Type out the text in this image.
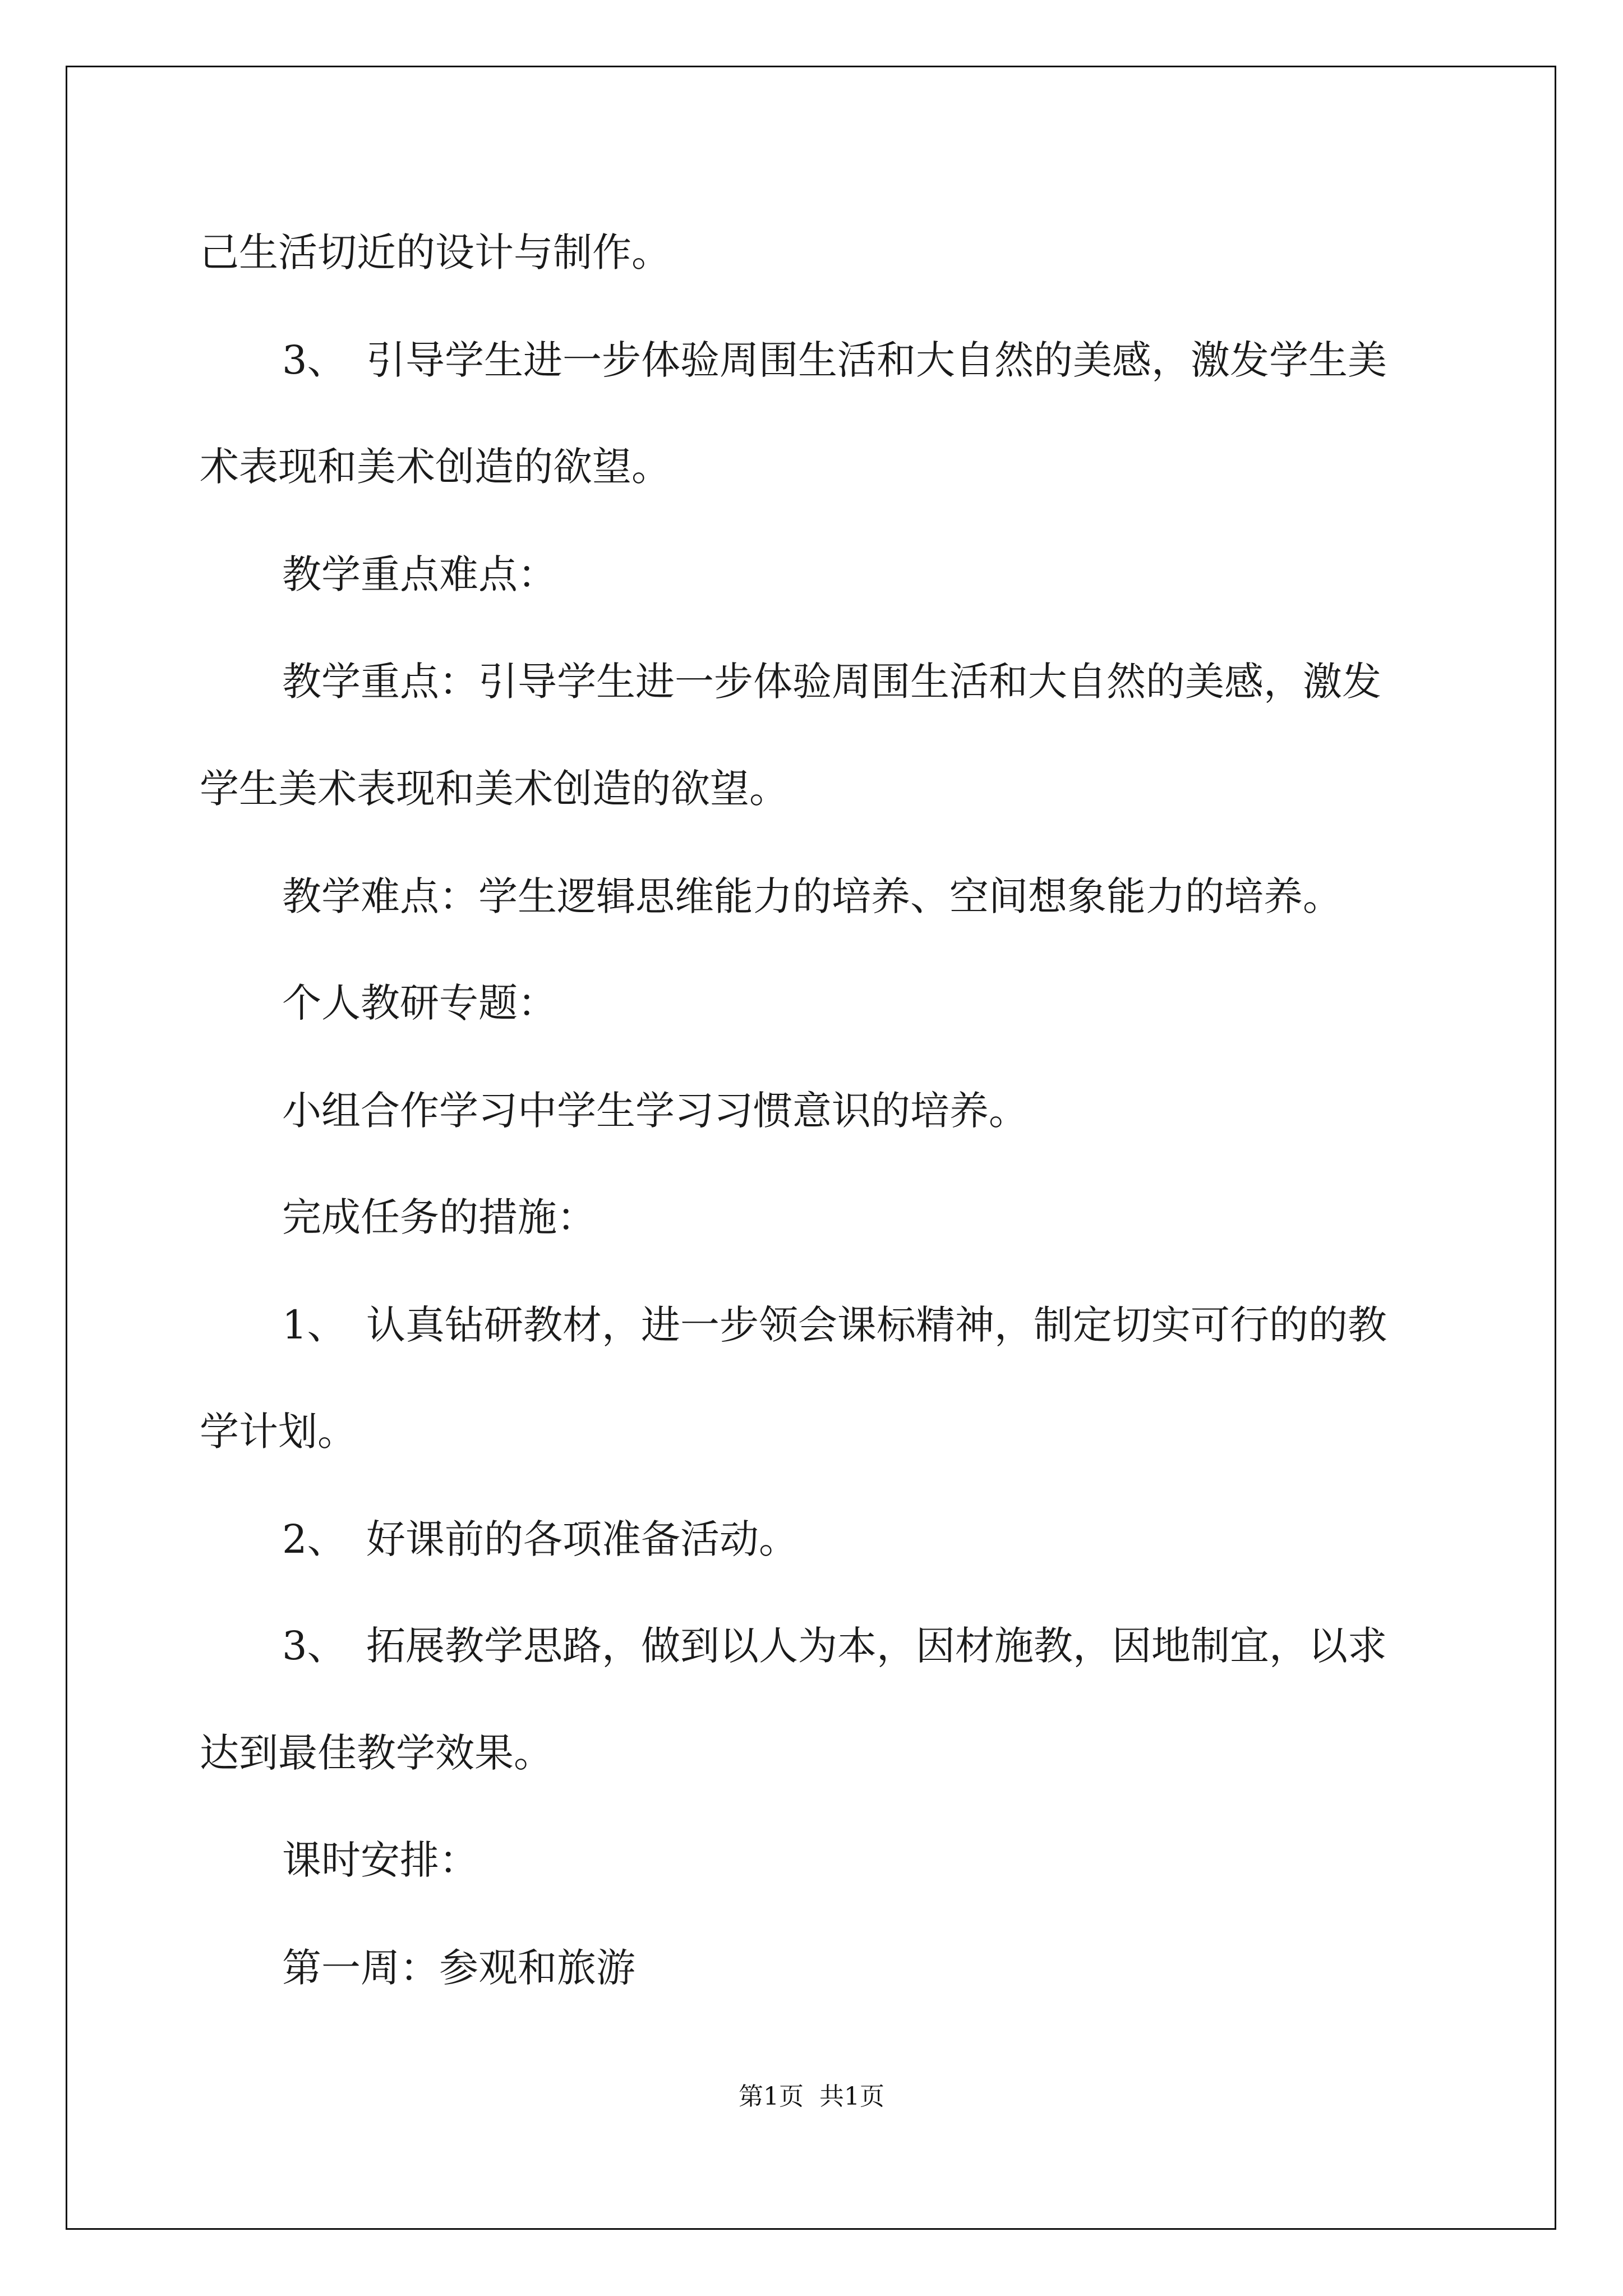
己生活切近的设计与制作。
3、 引导学生进一步体验周围生活和大自然的美感，激发学生美
术表现和美术创造的欲望。
教学重点难点：
教学重点：引导学生进一步体验周围生活和大自然的美感，激发
学生美术表现和美术创造的欲望。
教学难点：学生逻辑思维能力的培养、空间想象能力的培养。
个人教研专题：
小组合作学习中学生学习习惯意识的培养。
完成任务的措施：
1、 认真钻研教材，进一步领会课标精神，制定切实可行的的教
学计划。
2、 好课前的各项准备活动。
3、 拓展教学思路，做到以人为本，因材施教，因地制宜，以求
达到最佳教学效果。
课时安排：
第一周：参观和旅游
第1页 共1页
